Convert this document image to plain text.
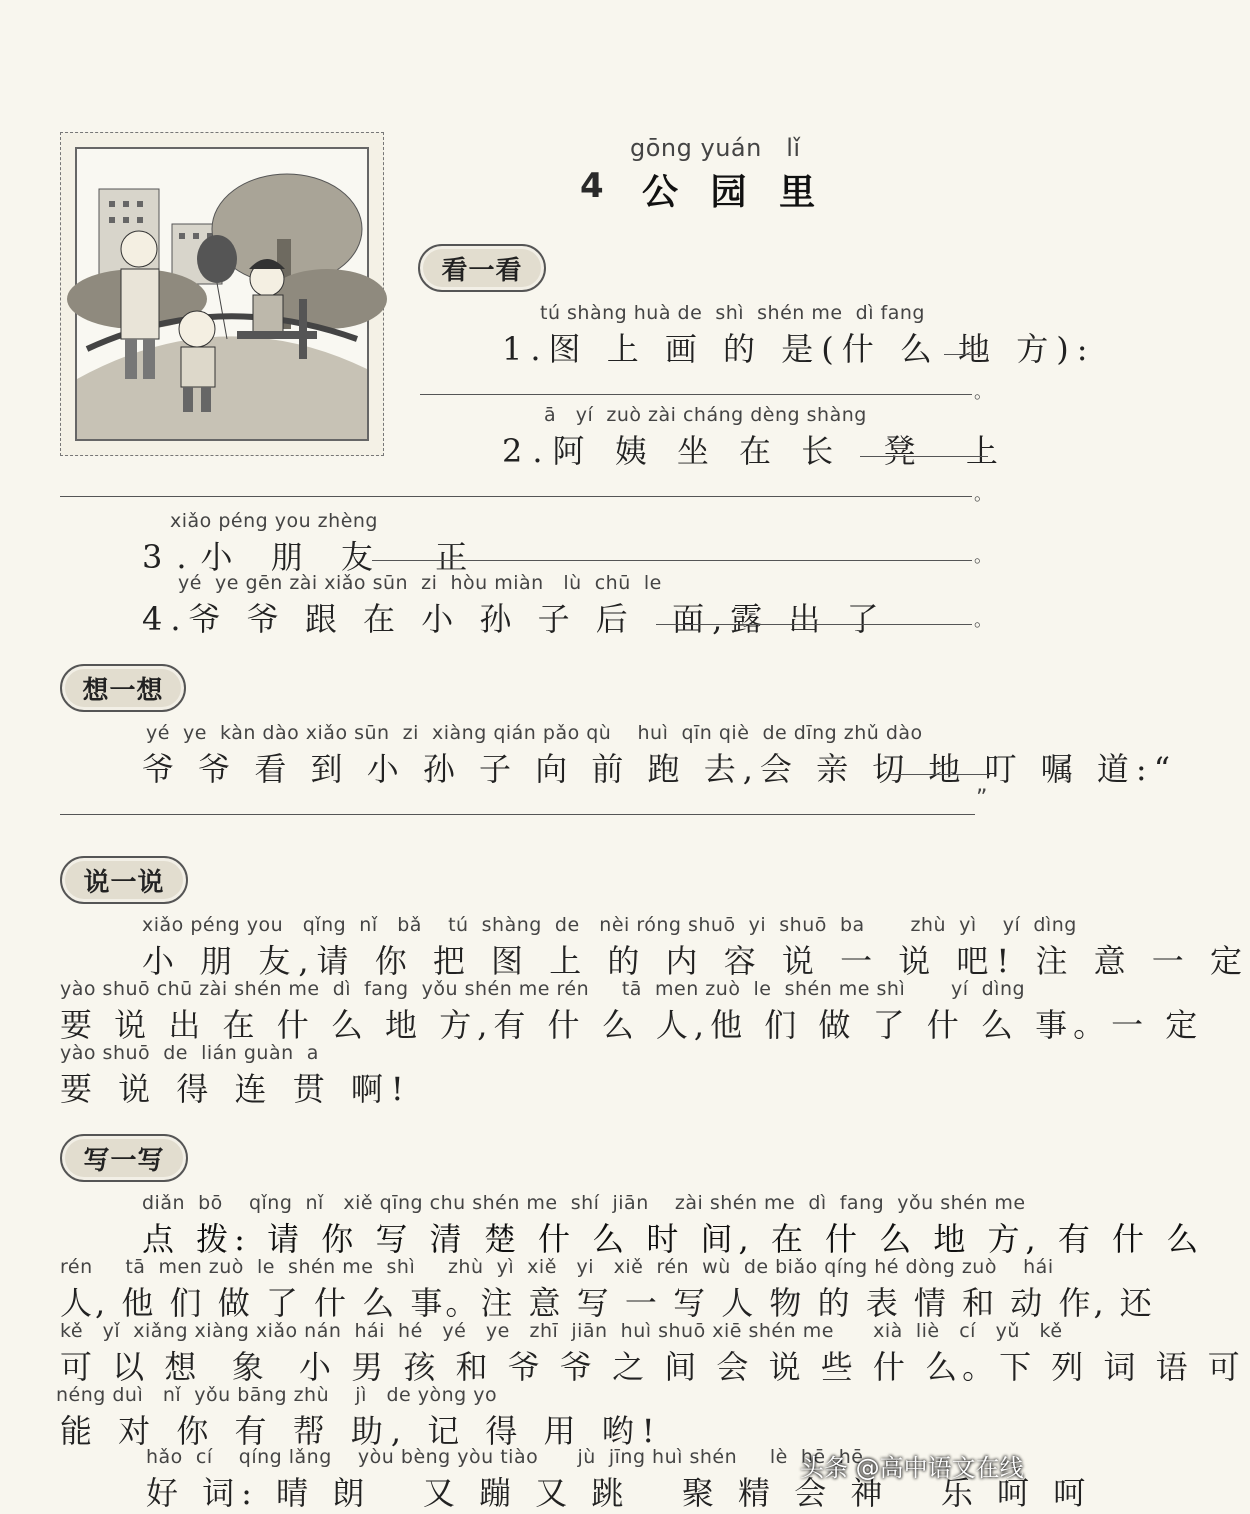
gōng yuán   lǐ
4 公 园 里
看一看
tú shàng huà de  shì  shén me  dì fang
1.图 上 画 的 是(什 么 地 方):
。
ā   yí  zuò zài cháng dèng shàng
2.阿 姨 坐 在 长  凳  上
。
xiǎo péng you zhèng
3.小 朋 友  正	。
yé  ye gēn zài xiǎo sūn  zi  hòu miàn   lù  chū  le
4.爷 爷 跟 在 小 孙 子 后  面,露 出 了	。
想一想
yé  ye  kàn dào xiǎo sūn  zi  xiàng qián pǎo qù    huì  qīn qiè  de dīng zhǔ dào
爷 爷 看 到 小 孙 子 向 前 跑 去,会 亲 切 地 叮 嘱 道:“
”
说一说
xiǎo péng you   qǐng  nǐ   bǎ    tú  shàng  de   nèi róng shuō  yi  shuō  ba       zhù  yì    yí  dìng
小 朋 友,请 你 把 图 上 的 内 容 说 一 说 吧! 注 意 一 定
yào shuō chū zài shén me  dì  fang  yǒu shén me rén     tā  men zuò  le  shén me shì       yí  dìng
要 说 出 在 什 么 地 方,有 什 么 人,他 们 做 了 什 么 事。一 定
yào shuō  de  lián guàn  a
要 说 得 连 贯 啊!
写一写
diǎn  bō    qǐng  nǐ   xiě qīng chu shén me  shí  jiān    zài shén me  dì  fang  yǒu shén me
点 拨: 请 你 写 清 楚 什 么 时 间, 在 什 么 地 方, 有 什 么
rén     tā  men zuò  le  shén me  shì     zhù  yì  xiě   yi   xiě  rén  wù  de biǎo qíng hé dòng zuò    hái
人, 他 们 做 了 什 么 事。注 意 写 一 写 人 物 的 表 情 和 动 作, 还
kě   yǐ  xiǎng xiàng xiǎo nán  hái  hé   yé   ye   zhī  jiān  huì shuō xiē shén me      xià  liè   cí   yǔ   kě
可 以 想  象  小 男 孩 和 爷 爷 之 间 会 说 些 什 么。下 列 词 语 可
néng duì   nǐ  yǒu bāng zhù    jì   de yòng yo
能 对 你 有 帮 助, 记 得 用 哟!
hǎo  cí    qíng lǎng    yòu bèng yòu tiào      jù  jīng huì shén     lè  hē  hē
好 词: 晴 朗   又 蹦 又 跳   聚 精 会 神   乐 呵 呵
头条 @高中语文在线
